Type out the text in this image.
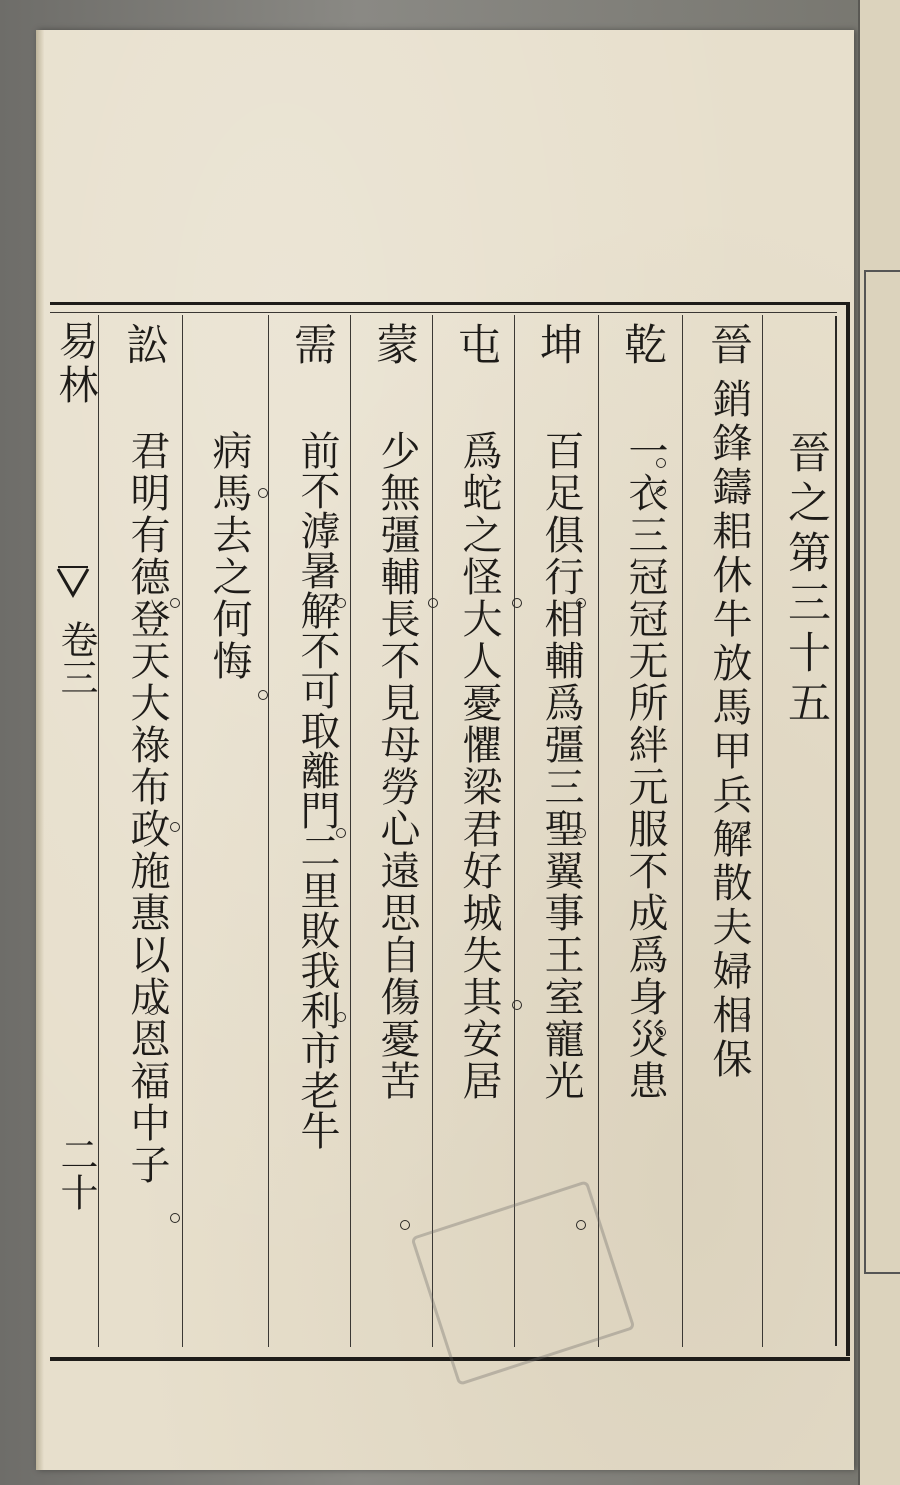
易林
卷三
二十
晉之第三十五
晉
銷鋒鑄耜休牛放馬甲兵解散夫婦相保
乾
一衣三冠冠无所絆元服不成爲身災患
坤
百足俱行相輔爲彊三聖翼事王室寵光
屯
爲蛇之怪大人憂懼梁君好城失其安居
蒙
少無彊輔長不見母勞心遠思自傷憂苦
需
前不滹暑解不可取離門二里敗我利市老牛
病馬去之何悔
訟
君明有德登天大祿布政施惠以成恩福中子
